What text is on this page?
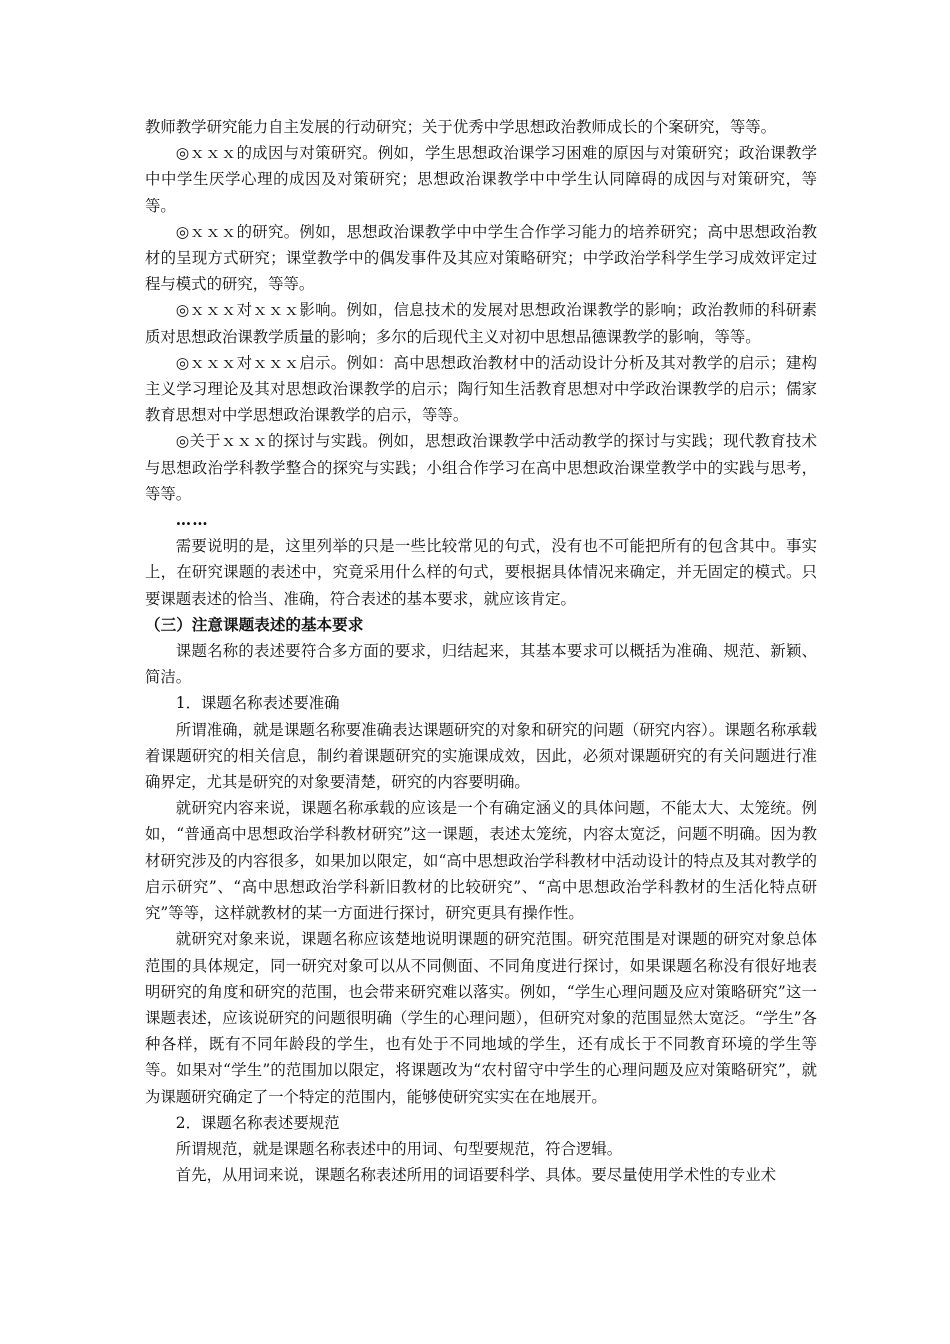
教师教学研究能力自主发展的行动研究；关于优秀中学思想政治教师成长的个案研究，等等。

◎ｘｘｘ的成因与对策研究。例如，学生思想政治课学习困难的原因与对策研究；政治课教学中中学生厌学心理的成因及对策研究；思想政治课教学中中学生认同障碍的成因与对策研究，等等。

◎ｘｘｘ的研究。例如，思想政治课教学中中学生合作学习能力的培养研究；高中思想政治教材的呈现方式研究；课堂教学中的偶发事件及其应对策略研究；中学政治学科学生学习成效评定过程与模式的研究，等等。

◎ｘｘｘ对ｘｘｘ影响。例如，信息技术的发展对思想政治课教学的影响；政治教师的科研素质对思想政治课教学质量的影响；多尔的后现代主义对初中思想品德课教学的影响，等等。

◎ｘｘｘ对ｘｘｘ启示。例如：高中思想政治教材中的活动设计分析及其对教学的启示；建构主义学习理论及其对思想政治课教学的启示；陶行知生活教育思想对中学政治课教学的启示；儒家教育思想对中学思想政治课教学的启示，等等。

◎关于ｘｘｘ的探讨与实践。例如，思想政治课教学中活动教学的探讨与实践；现代教育技术与思想政治学科教学整合的探究与实践；小组合作学习在高中思想政治课堂教学中的实践与思考，等等。

……

需要说明的是，这里列举的只是一些比较常见的句式，没有也不可能把所有的包含其中。事实上，在研究课题的表述中，究竟采用什么样的句式，要根据具体情况来确定，并无固定的模式。只要课题表述的恰当、准确，符合表述的基本要求，就应该肯定。

（三）注意课题表述的基本要求

课题名称的表述要符合多方面的要求，归结起来，其基本要求可以概括为准确、规范、新颖、简洁。

1．课题名称表述要准确

所谓准确，就是课题名称要准确表达课题研究的对象和研究的问题（研究内容）。课题名称承载着课题研究的相关信息，制约着课题研究的实施课成效，因此，必须对课题研究的有关问题进行准确界定，尤其是研究的对象要清楚，研究的内容要明确。

就研究内容来说，课题名称承载的应该是一个有确定涵义的具体问题，不能太大、太笼统。例如，“普通高中思想政治学科教材研究”这一课题，表述太笼统，内容太宽泛，问题不明确。因为教材研究涉及的内容很多，如果加以限定，如“高中思想政治学科教材中活动设计的特点及其对教学的启示研究”、“高中思想政治学科新旧教材的比较研究”、“高中思想政治学科教材的生活化特点研究”等等，这样就教材的某一方面进行探讨，研究更具有操作性。

就研究对象来说，课题名称应该楚地说明课题的研究范围。研究范围是对课题的研究对象总体范围的具体规定，同一研究对象可以从不同侧面、不同角度进行探讨，如果课题名称没有很好地表明研究的角度和研究的范围，也会带来研究难以落实。例如，“学生心理问题及应对策略研究”这一课题表述，应该说研究的问题很明确（学生的心理问题），但研究对象的范围显然太宽泛。“学生”各种各样，既有不同年龄段的学生，也有处于不同地域的学生，还有成长于不同教育环境的学生等等。如果对“学生”的范围加以限定，将课题改为“农村留守中学生的心理问题及应对策略研究”，就为课题研究确定了一个特定的范围内，能够使研究实实在在地展开。

2．课题名称表述要规范

所谓规范，就是课题名称表述中的用词、句型要规范，符合逻辑。

首先，从用词来说，课题名称表述所用的词语要科学、具体。要尽量使用学术性的专业术
